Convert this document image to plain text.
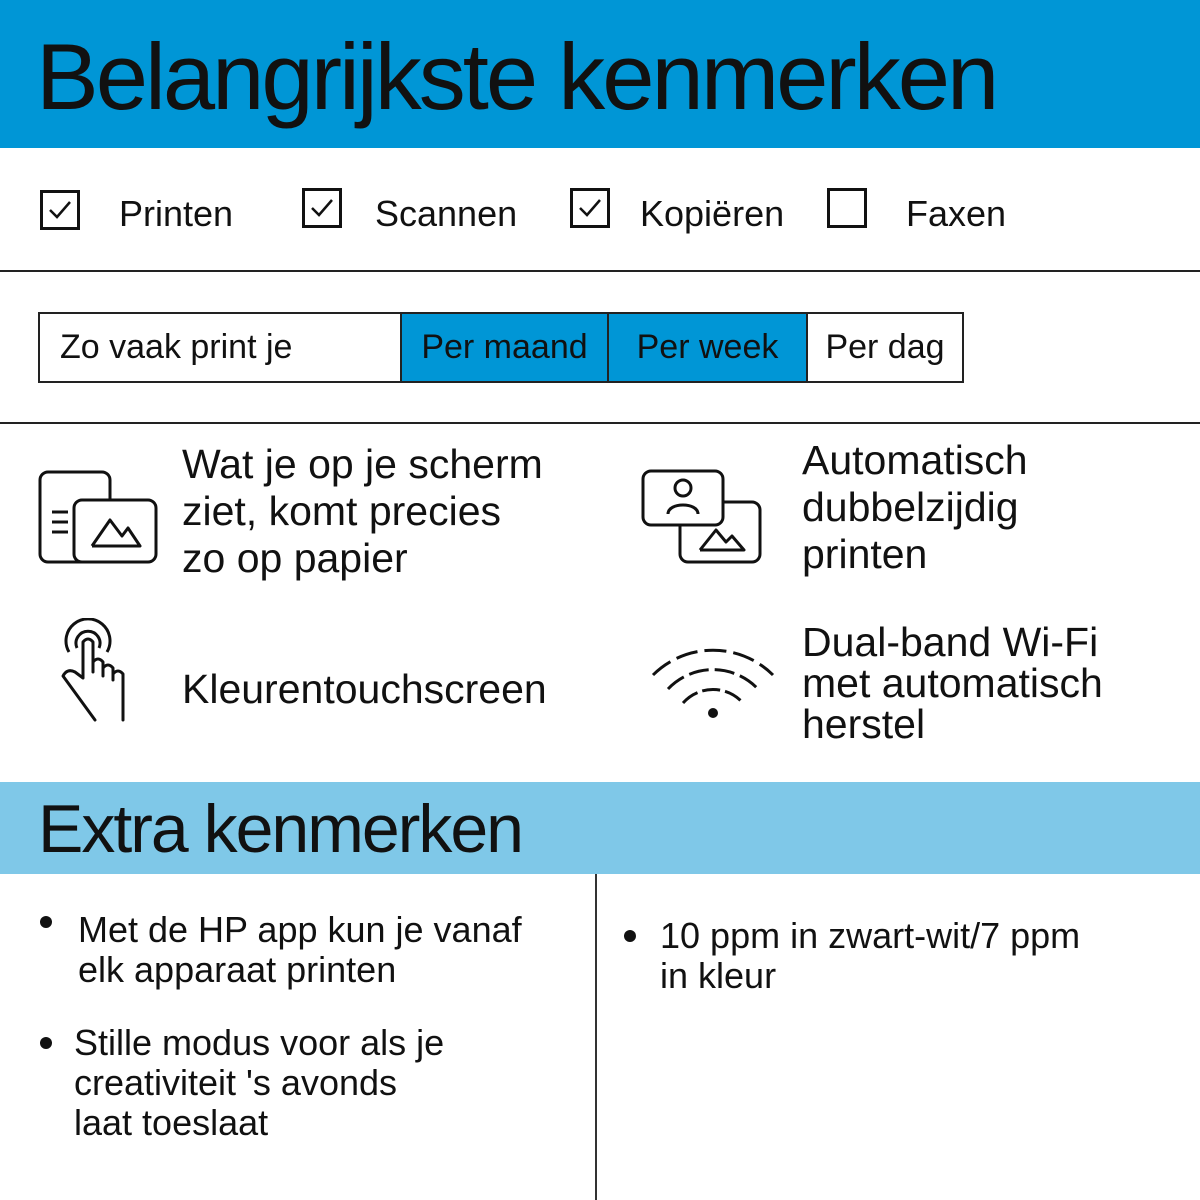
Belangrijkste kenmerken
Printen	Scannen	Kopiëren	Faxen
Zo vaak print je	Per maand	Per week	Per dag
Wat je op je scherm
ziet, komt precies
zo op papier
Automatisch
dubbelzijdig
printen
Kleurentouchscreen
Dual-band Wi-Fi
met automatisch
herstel
Extra kenmerken
Met de HP app kun je vanaf
elk apparaat printen
Stille modus voor als je
creativiteit 's avonds
laat toeslaat
10 ppm in zwart-wit/7 ppm
in kleur
